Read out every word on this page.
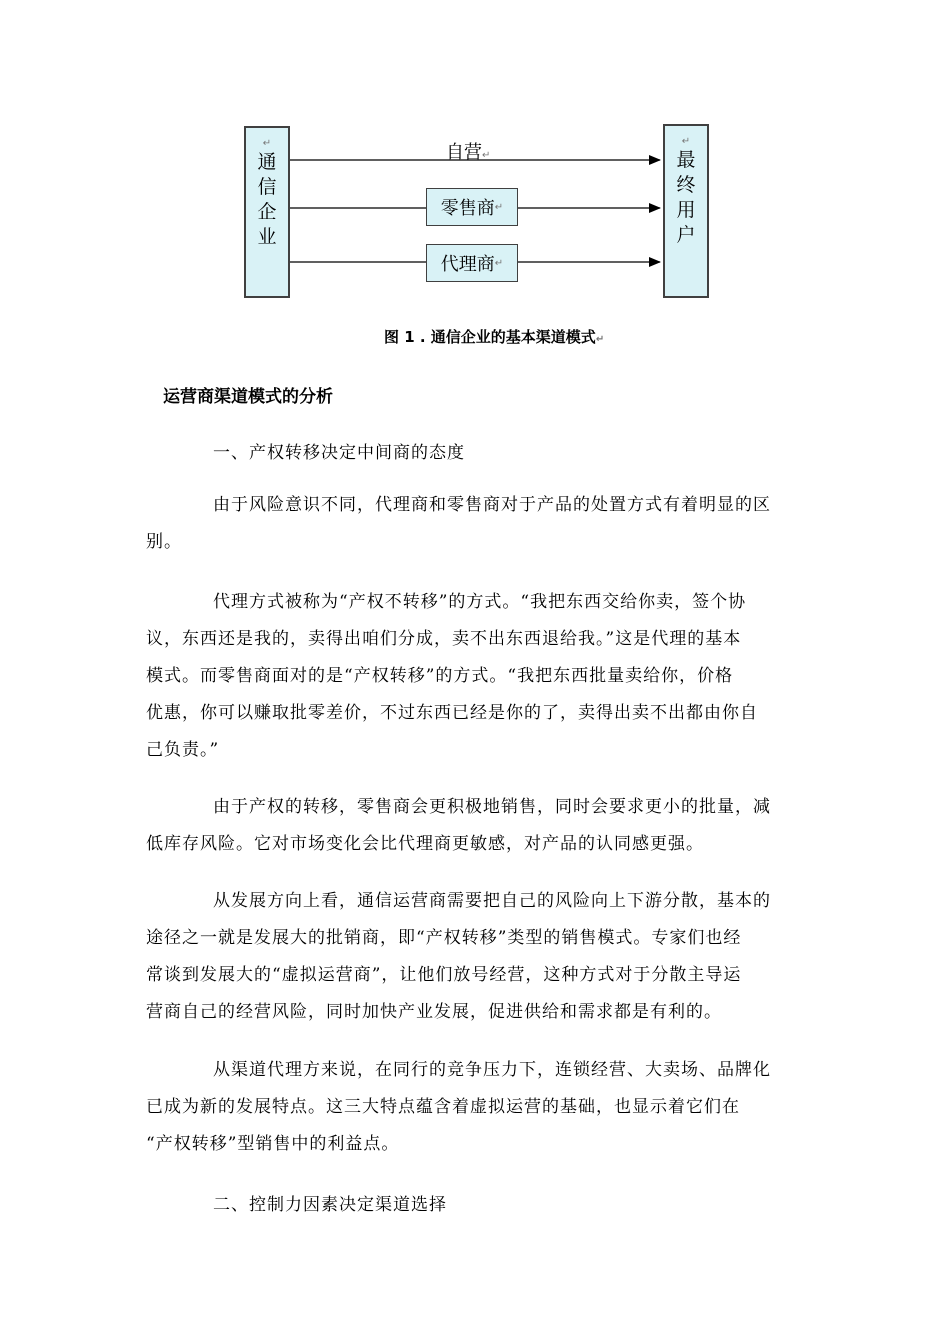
↵
通
信
企
业
↵
最
终
用
户
自营↵
零售商 ↵
代理商 ↵
图 1 . 通信企业的基本渠道模式↵
运营商渠道模式的分析
一、产权转移决定中间商的态度
由于风险意识不同，代理商和零售商对于产品的处置方式有着明显的区
别。
代理方式被称为“产权不转移”的方式。“我把东西交给你卖，签个协
议，东西还是我的，卖得出咱们分成，卖不出东西退给我。”这是代理的基本
模式。而零售商面对的是“产权转移”的方式。“我把东西批量卖给你，价格
优惠，你可以赚取批零差价，不过东西已经是你的了，卖得出卖不出都由你自
己负责。”
由于产权的转移，零售商会更积极地销售，同时会要求更小的批量，减
低库存风险。它对市场变化会比代理商更敏感，对产品的认同感更强。
从发展方向上看，通信运营商需要把自己的风险向上下游分散，基本的
途径之一就是发展大的批销商，即“产权转移”类型的销售模式。专家们也经
常谈到发展大的“虚拟运营商”，让他们放号经营，这种方式对于分散主导运
营商自己的经营风险，同时加快产业发展，促进供给和需求都是有利的。
从渠道代理方来说，在同行的竞争压力下，连锁经营、大卖场、品牌化
已成为新的发展特点。这三大特点蕴含着虚拟运营的基础，也显示着它们在
“产权转移”型销售中的利益点。
二、控制力因素决定渠道选择
